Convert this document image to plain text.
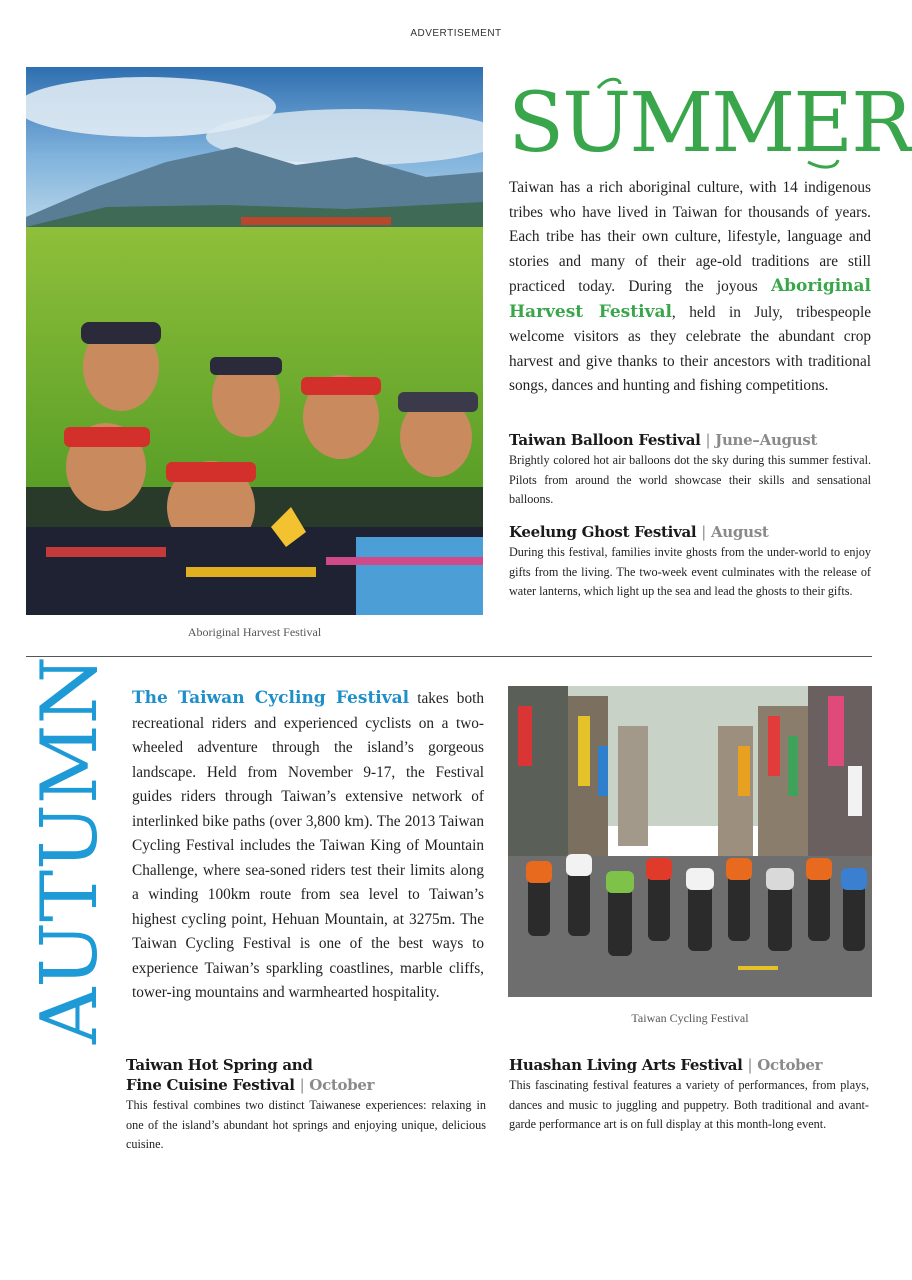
ADVERTISEMENT
Aboriginal Harvest Festival
SUMMER

Taiwan has a rich aboriginal culture, with 14 indigenous tribes who have lived in Taiwan for thousands of years. Each tribe has their own culture, lifestyle, language and stories and many of their age-old traditions are still practiced today. During the joyous Aboriginal Harvest Festival, held in July, tribespeople welcome visitors as they celebrate the abundant crop harvest and give thanks to their ancestors with traditional songs, dances and hunting and fishing competitions.

Taiwan Balloon Festival | June–August

Brightly colored hot air balloons dot the sky during this summer festival. Pilots from around the world showcase their skills and sensational balloons.

Keelung Ghost Festival | August

During this festival, families invite ghosts from the under-world to enjoy gifts from the living. The two-week event culminates with the release of water lanterns, which light up the sea and lead the ghosts to their gifts.

AUTUMN The Taiwan Cycling Festival takes both recreational riders and experienced cyclists on a two-wheeled adventure through the island’s gorgeous landscape. Held from November 9-17, the Festival guides riders through Taiwan’s extensive network of interlinked bike paths (over 3,800 km). The 2013 Taiwan Cycling Festival includes the Taiwan King of Mountain Challenge, where sea-soned riders test their limits along a winding 100km route from sea level to Taiwan’s highest cycling point, Hehuan Mountain, at 3275m. The Taiwan Cycling Festival is one of the best ways to experience Taiwan’s sparkling coastlines, marble cliffs, tower-ing mountains and warmhearted hospitality.

Taiwan Cycling Festival
Taiwan Hot Spring and
Fine Cuisine Festival | October

This festival combines two distinct Taiwanese experiences: relaxing in one of the island’s abundant hot springs and enjoying unique, delicious cuisine.

Huashan Living Arts Festival | October

This fascinating festival features a variety of performances, from plays, dances and music to juggling and puppetry. Both traditional and avant-garde performance art is on full display at this month-long event.
